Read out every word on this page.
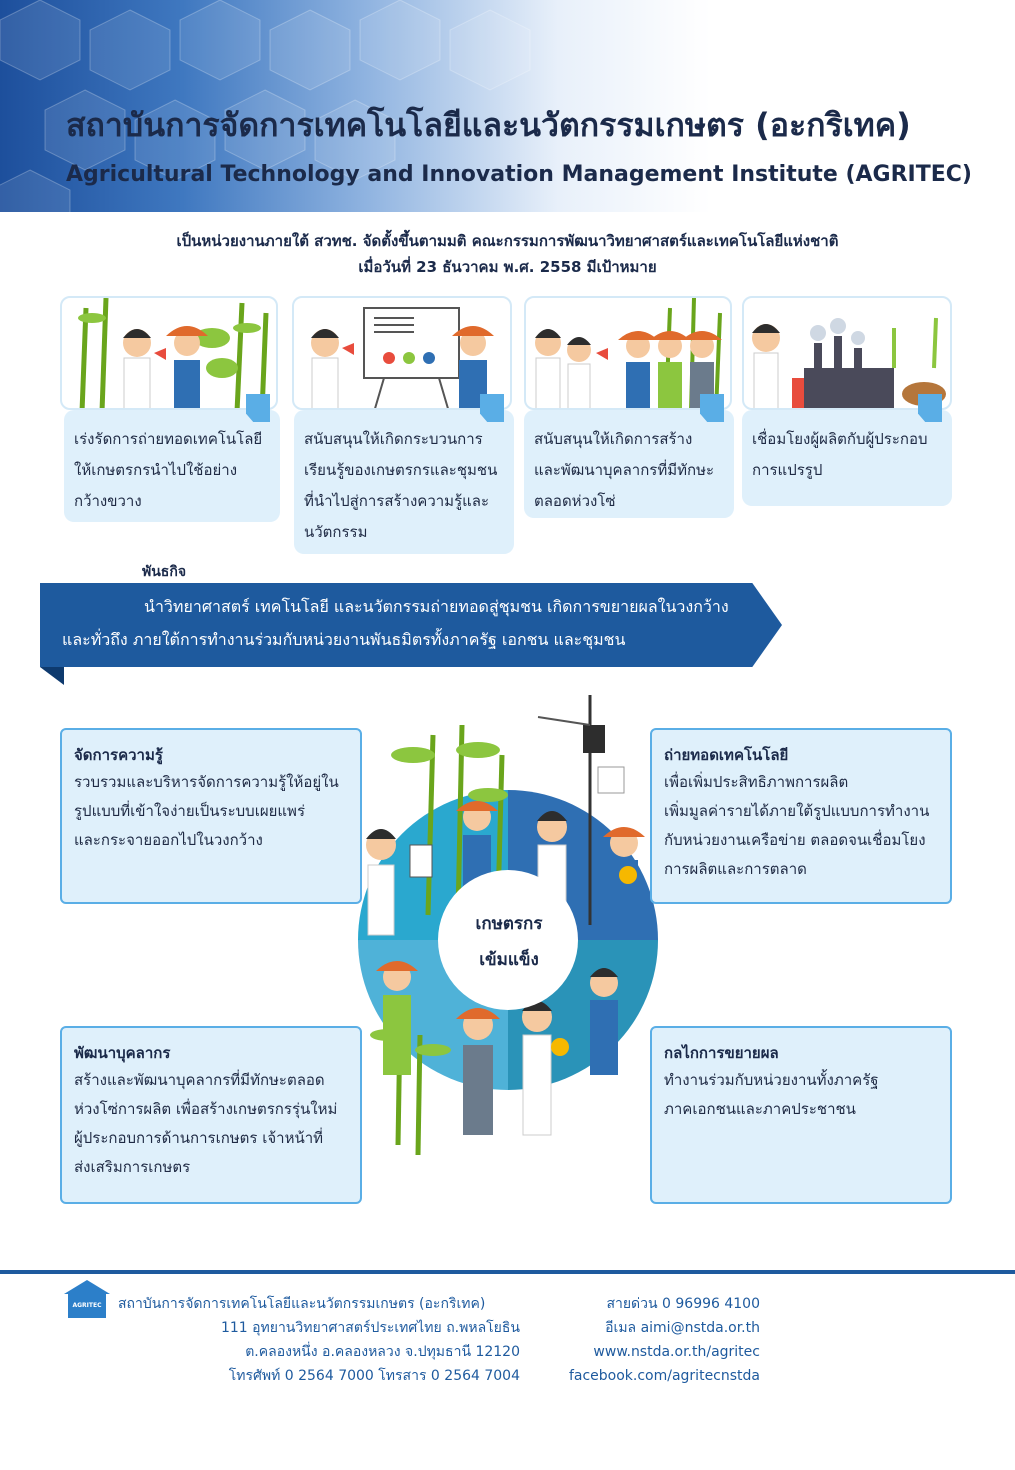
สถาบันการจัดการเทคโนโลยีและนวัตกรรมเกษตร (อะกริเทค)
Agricultural Technology and Innovation Management Institute (AGRITEC)
เป็นหน่วยงานภายใต้ สวทช. จัดตั้งขึ้นตามมติ คณะกรรมการพัฒนาวิทยาศาสตร์และเทคโนโลยีแห่งชาติ
เมื่อวันที่ 23 ธันวาคม พ.ศ. 2558 มีเป้าหมาย
เร่งรัดการถ่ายทอดเทคโนโลยี
ให้เกษตรกรนำไปใช้อย่าง
กว้างขวาง
สนับสนุนให้เกิดกระบวนการ
เรียนรู้ของเกษตรกรและชุมชน
ที่นำไปสู่การสร้างความรู้และ
นวัตกรรม
สนับสนุนให้เกิดการสร้าง
และพัฒนาบุคลากรที่มีทักษะ
ตลอดห่วงโซ่
เชื่อมโยงผู้ผลิตกับผู้ประกอบ
การแปรรูป
พันธกิจ
นำวิทยาศาสตร์ เทคโนโลยี และนวัตกรรมถ่ายทอดสู่ชุมชน เกิดการขยายผลในวงกว้าง
และทั่วถึง ภายใต้การทำงานร่วมกับหน่วยงานพันธมิตรทั้งภาครัฐ เอกชน และชุมชน
เกษตรกร
เข้มแข็ง
จัดการความรู้

รวบรวมและบริหารจัดการความรู้ให้อยู่ใน

รูปแบบที่เข้าใจง่ายเป็นระบบเผยแพร่

และกระจายออกไปในวงกว้าง

ถ่ายทอดเทคโนโลยี

เพื่อเพิ่มประสิทธิภาพการผลิต

เพิ่มมูลค่ารายได้ภายใต้รูปแบบการทำงาน

กับหน่วยงานเครือข่าย ตลอดจนเชื่อมโยง

การผลิตและการตลาด

พัฒนาบุคลากร

สร้างและพัฒนาบุคลากรที่มีทักษะตลอด

ห่วงโซ่การผลิต เพื่อสร้างเกษตรกรรุ่นใหม่

ผู้ประกอบการด้านการเกษตร เจ้าหน้าที่

ส่งเสริมการเกษตร

กลไกการขยายผล

ทำงานร่วมกับหน่วยงานทั้งภาครัฐ

ภาคเอกชนและภาคประชาชน

AGRITEC	สถาบันการจัดการเทคโนโลยีและนวัตกรรมเกษตร (อะกริเทค)
111 อุทยานวิทยาศาสตร์ประเทศไทย ถ.พหลโยธิน
ต.คลองหนึ่ง อ.คลองหลวง จ.ปทุมธานี 12120
โทรศัพท์ 0 2564 7000 โทรสาร 0 2564 7004
สายด่วน 0 96996 4100
อีเมล aimi@nstda.or.th
www.nstda.or.th/agritec
facebook.com/agritecnstda
